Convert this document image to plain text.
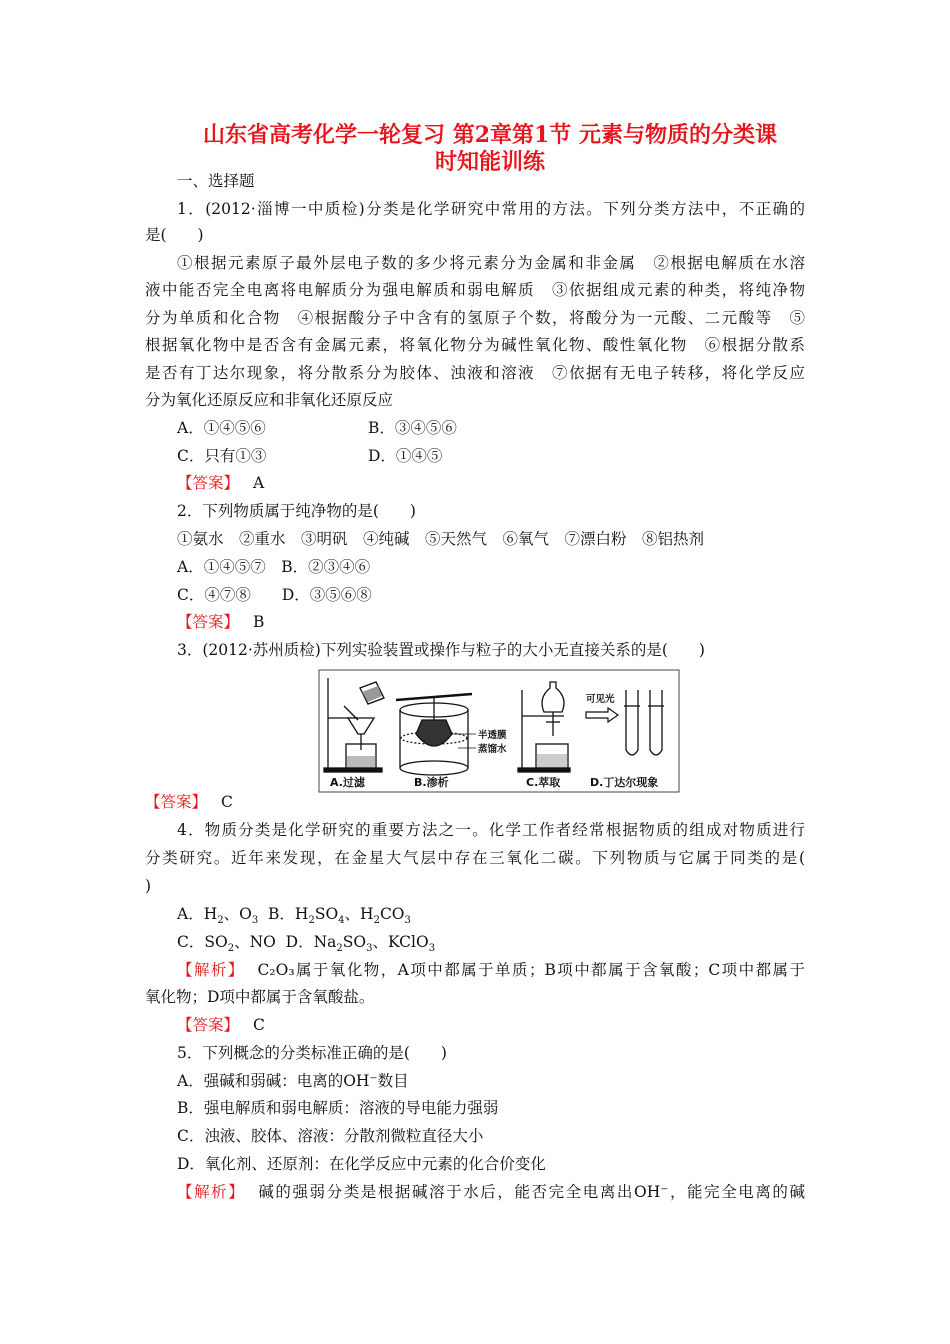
山东省高考化学一轮复习 第2章第1节 元素与物质的分类课
时知能训练
一、选择题
1．(2012·淄博一中质检)分类是化学研究中常用的方法。下列分类方法中，不正确的
是(　　)
①根据元素原子最外层电子数的多少将元素分为金属和非金属　②根据电解质在水溶
液中能否完全电离将电解质分为强电解质和弱电解质　③依据组成元素的种类，将纯净物
分为单质和化合物　④根据酸分子中含有的氢原子个数，将酸分为一元酸、二元酸等　⑤
根据氧化物中是否含有金属元素，将氧化物分为碱性氧化物、酸性氧化物　⑥根据分散系
是否有丁达尔现象，将分散系分为胶体、浊液和溶液　⑦依据有无电子转移，将化学反应
分为氧化还原反应和非氧化还原反应
A．①④⑤⑥	B．③④⑤⑥
C．只有①③	D．①④⑤
【答案】 A
2．下列物质属于纯净物的是(　　)
①氨水　②重水　③明矾　④纯碱　⑤天然气　⑥氧气　⑦漂白粉　⑧铝热剂
A．①④⑤⑦　B．②③④⑥
C．④⑦⑧　　D．③⑤⑥⑧
【答案】 B
3．(2012·苏州质检)下列实验装置或操作与粒子的大小无直接关系的是(　　)
A.过滤
半透膜
蒸馏水
B.渗析	C.萃取
可见光
D.丁达尔现象
【答案】 C
4．物质分类是化学研究的重要方法之一。化学工作者经常根据物质的组成对物质进行
分类研究。近年来发现，在金星大气层中存在三氧化二碳。下列物质与它属于同类的是(
)
A．$H_2$、$O_3$  B．$H_2SO_4$、$H_2CO_3$
C．$SO_2$、NO  D．$Na_2SO_3$、KClO$_3$
【解析】 C₂O₃属于氧化物，A项中都属于单质；B项中都属于含氧酸；C项中都属于
氧化物；D项中都属于含氧酸盐。
【答案】 C
5．下列概念的分类标准正确的是(　　)
A．强碱和弱碱：电离的OH⁻数目
B．强电解质和弱电解质：溶液的导电能力强弱
C．浊液、胶体、溶液：分散剂微粒直径大小
D．氧化剂、还原剂：在化学反应中元素的化合价变化
【解析】 碱的强弱分类是根据碱溶于水后，能否完全电离出OH⁻，能完全电离的碱
